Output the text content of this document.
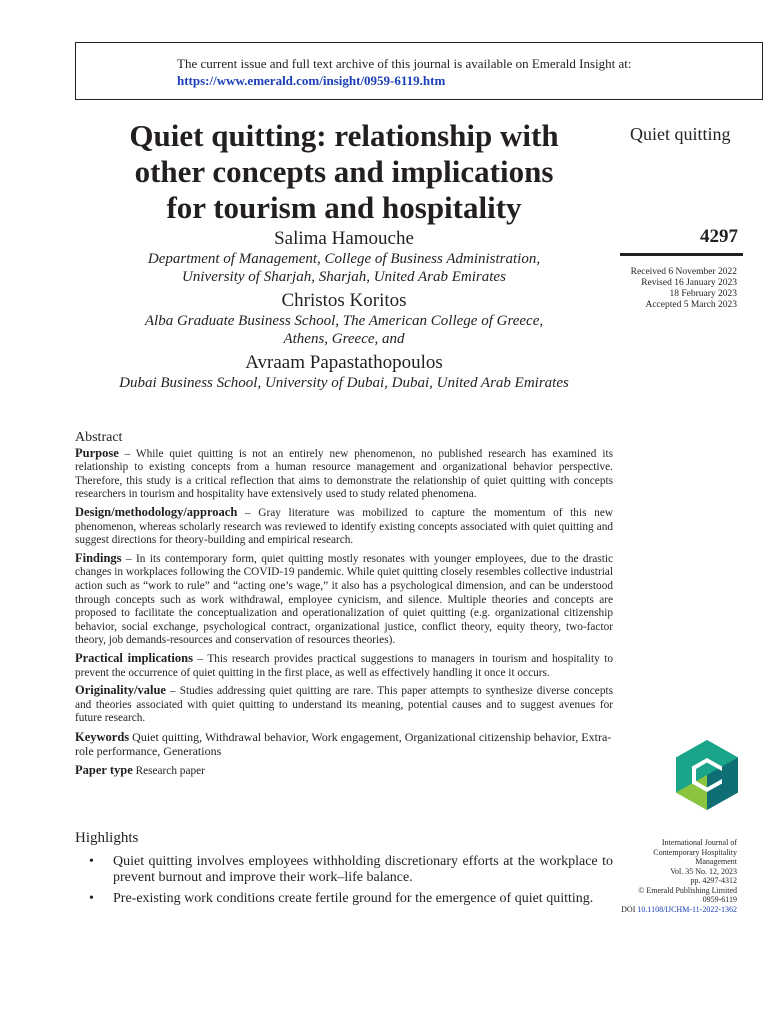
The current issue and full text archive of this journal is available on Emerald Insight at:
https://www.emerald.com/insight/0959-6119.htm
Quiet quitting: relationship with
other concepts and implications
for tourism and hospitality
Quiet quitting
4297
Received 6 November 2022
Revised 16 January 2023
18 February 2023
Accepted 5 March 2023
Salima Hamouche
Department of Management, College of Business Administration,
University of Sharjah, Sharjah, United Arab Emirates
Christos Koritos
Alba Graduate Business School, The American College of Greece,
Athens, Greece, and
Avraam Papastathopoulos
Dubai Business School, University of Dubai, Dubai, United Arab Emirates
Abstract

Purpose – While quiet quitting is not an entirely new phenomenon, no published research has examined its relationship to existing concepts from a human resource management and organizational behavior perspective. Therefore, this study is a critical reflection that aims to demonstrate the relationship of quiet quitting with concepts researchers in tourism and hospitality have extensively used to study related phenomena.

Design/methodology/approach – Gray literature was mobilized to capture the momentum of this new phenomenon, whereas scholarly research was reviewed to identify existing concepts associated with quiet quitting and suggest directions for theory-building and empirical research.

Findings – In its contemporary form, quiet quitting mostly resonates with younger employees, due to the drastic changes in workplaces following the COVID-19 pandemic. While quiet quitting closely resembles collective industrial action such as “work to rule” and “acting one’s wage,” it also has a psychological dimension, and can be understood through concepts such as work withdrawal, employee cynicism, and silence. Multiple theories and concepts are proposed to facilitate the conceptualization and operationalization of quiet quitting (e.g. organizational citizenship behavior, social exchange, psychological contract, organizational justice, conflict theory, equity theory, two-factor theory, job demands-resources and conservation of resources theories).

Practical implications – This research provides practical suggestions to managers in tourism and hospitality to prevent the occurrence of quiet quitting in the first place, as well as effectively handling it once it occurs.

Originality/value – Studies addressing quiet quitting are rare. This paper attempts to synthesize diverse concepts and theories associated with quiet quitting to understand its meaning, potential causes and to suggest avenues for future research.

Keywords Quiet quitting, Withdrawal behavior, Work engagement, Organizational citizenship behavior, Extra-role performance, Generations

Paper type Research paper

Highlights
• Quiet quitting involves employees withholding discretionary efforts at the workplace to prevent burnout and improve their work–life balance.
• Pre-existing work conditions create fertile ground for the emergence of quiet quitting.
International Journal of
Contemporary Hospitality
Management
Vol. 35 No. 12, 2023
pp. 4297-4312
© Emerald Publishing Limited
0959-6119
DOI 10.1108/IJCHM-11-2022-1362
